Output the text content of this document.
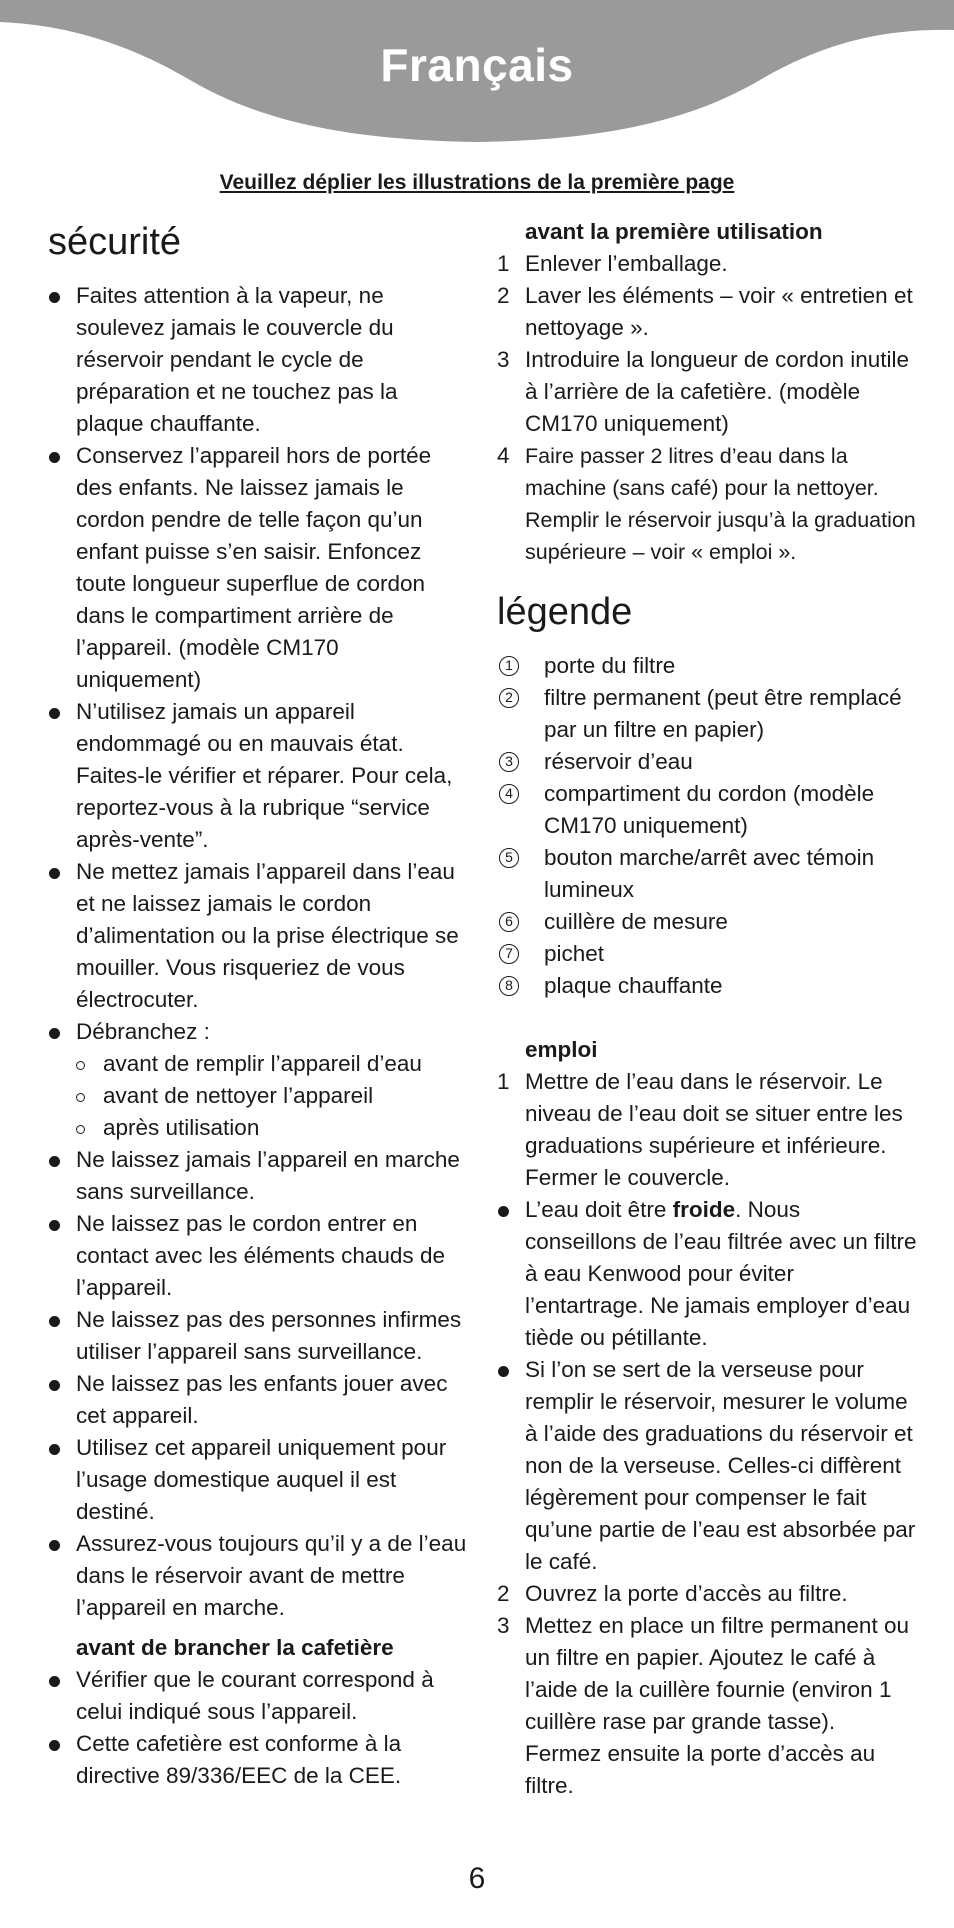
Français
Veuillez déplier les illustrations de la première page
sécurité
Faites attention à la vapeur, ne soulevez jamais le couvercle du réservoir pendant le cycle de préparation et ne touchez pas la plaque chauffante.
Conservez l’appareil hors de portée des enfants. Ne laissez jamais le cordon pendre de telle façon qu’un enfant puisse s’en saisir. Enfoncez toute longueur superflue de cordon dans le compartiment arrière de l’appareil. (modèle CM170 uniquement)
N’utilisez jamais un appareil endommagé ou en mauvais état. Faites-le vérifier et réparer. Pour cela, reportez-vous à la rubrique “service après-vente”.
Ne mettez jamais l’appareil dans l’eau et ne laissez jamais le cordon d’alimentation ou la prise électrique se mouiller. Vous risqueriez de vous électrocuter.
Débranchez :
avant de remplir l’appareil d’eau
avant de nettoyer l’appareil
après utilisation
Ne laissez jamais l’appareil en marche sans surveillance.
Ne laissez pas le cordon entrer en contact avec les éléments chauds de l’appareil.
Ne laissez pas des personnes infirmes utiliser l’appareil sans surveillance.
Ne laissez pas les enfants jouer avec cet appareil.
Utilisez cet appareil uniquement pour l’usage domestique auquel il est destiné.
Assurez-vous toujours qu’il y a de l’eau dans le réservoir avant de mettre l’appareil en marche.
avant de brancher la cafetière
Vérifier que le courant correspond à celui indiqué sous l’appareil.
Cette cafetière est conforme à la directive 89/336/EEC de la CEE.
avant la première utilisation
1 Enlever l’emballage.
2 Laver les éléments – voir « entretien et nettoyage ».
3 Introduire la longueur de cordon inutile à l’arrière de la cafetière. (modèle CM170 uniquement)
4 Faire passer 2 litres d’eau dans la machine (sans café) pour la nettoyer. Remplir le réservoir jusqu’à la graduation supérieure – voir « emploi ».
légende
1 porte du filtre
2 filtre permanent (peut être remplacé par un filtre en papier)
3 réservoir d’eau
4 compartiment du cordon (modèle CM170 uniquement)
5 bouton marche/arrêt avec témoin lumineux
6 cuillère de mesure
7 pichet
8 plaque chauffante
emploi
1 Mettre de l’eau dans le réservoir. Le niveau de l’eau doit se situer entre les graduations supérieure et inférieure. Fermer le couvercle.
L’eau doit être froide. Nous conseillons de l’eau filtrée avec un filtre à eau Kenwood pour éviter l’entartrage. Ne jamais employer d’eau tiède ou pétillante.
Si l’on se sert de la verseuse pour remplir le réservoir, mesurer le volume à l’aide des graduations du réservoir et non de la verseuse. Celles-ci diffèrent légèrement pour compenser le fait qu’une partie de l’eau est absorbée par le café.
2 Ouvrez la porte d’accès au filtre.
3 Mettez en place un filtre permanent ou un filtre en papier. Ajoutez le café à l’aide de la cuillère fournie (environ 1 cuillère rase par grande tasse). Fermez ensuite la porte d’accès au filtre.
6
